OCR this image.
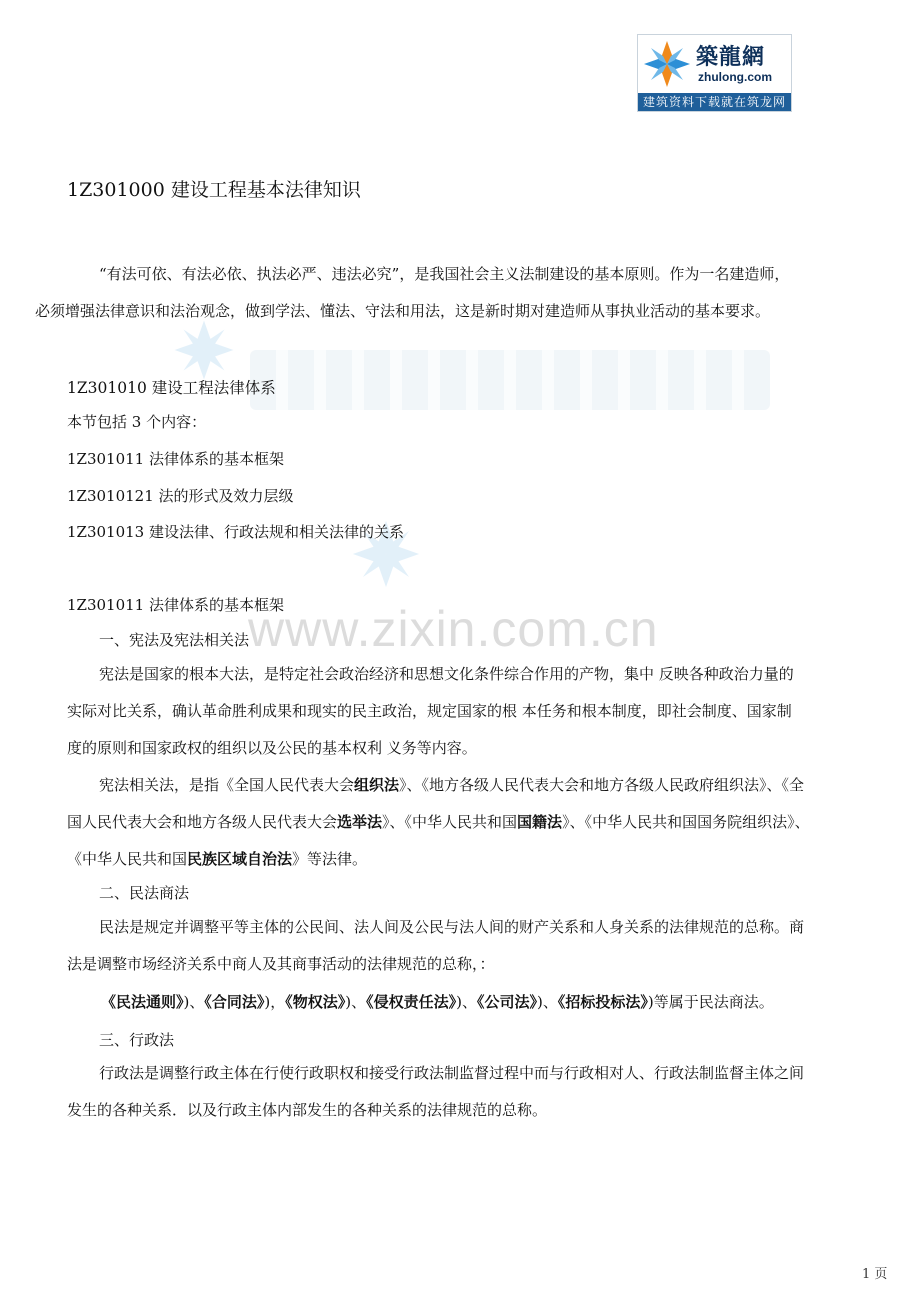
築龍網
zhulong.com
建筑资料下载就在筑龙网
www.zixin.com.cn
1Z301000 建设工程基本法律知识
“有法可依、有法必依、执法必严、违法必究”，是我国社会主义法制建设的基本原则。作为一名建造师，
必须增强法律意识和法治观念，做到学法、懂法、守法和用法，这是新时期对建造师从事执业活动的基本要求。
1Z301010 建设工程法律体系
本节包括 3 个内容：
1Z301011 法律体系的基本框架
1Z3010121 法的形式及效力层级
1Z301013 建设法律、行政法规和相关法律的关系
1Z301011 法律体系的基本框架
一、宪法及宪法相关法
宪法是国家的根本大法，是特定社会政治经济和思想文化条件综合作用的产物，集中 反映各种政治力量的
实际对比关系，确认革命胜利成果和现实的民主政治，规定国家的根 本任务和根本制度，即社会制度、国家制
度的原则和国家政权的组织以及公民的基本权利 义务等内容。
宪法相关法，是指《全国人民代表大会组织法》、《地方各级人民代表大会和地方各级人民政府组织法》、《全
国人民代表大会和地方各级人民代表大会选举法》、《中华人民共和国国籍法》、《中华人民共和国国务院组织法》、
《中华人民共和国民族区域自治法》等法律。
二、民法商法
民法是规定并调整平等主体的公民间、法人间及公民与法人间的财产关系和人身关系的法律规范的总称。商
法是调整市场经济关系中商人及其商事活动的法律规范的总称，：
《民法通则》)、《合同法》)，《物权法》)、《侵权责任法》)、《公司法》)、《招标投标法》)等属于民法商法。
三、行政法
行政法是调整行政主体在行使行政职权和接受行政法制监督过程中而与行政相对人、行政法制监督主体之间
发生的各种关系．以及行政主体内部发生的各种关系的法律规范的总称。
1 页
